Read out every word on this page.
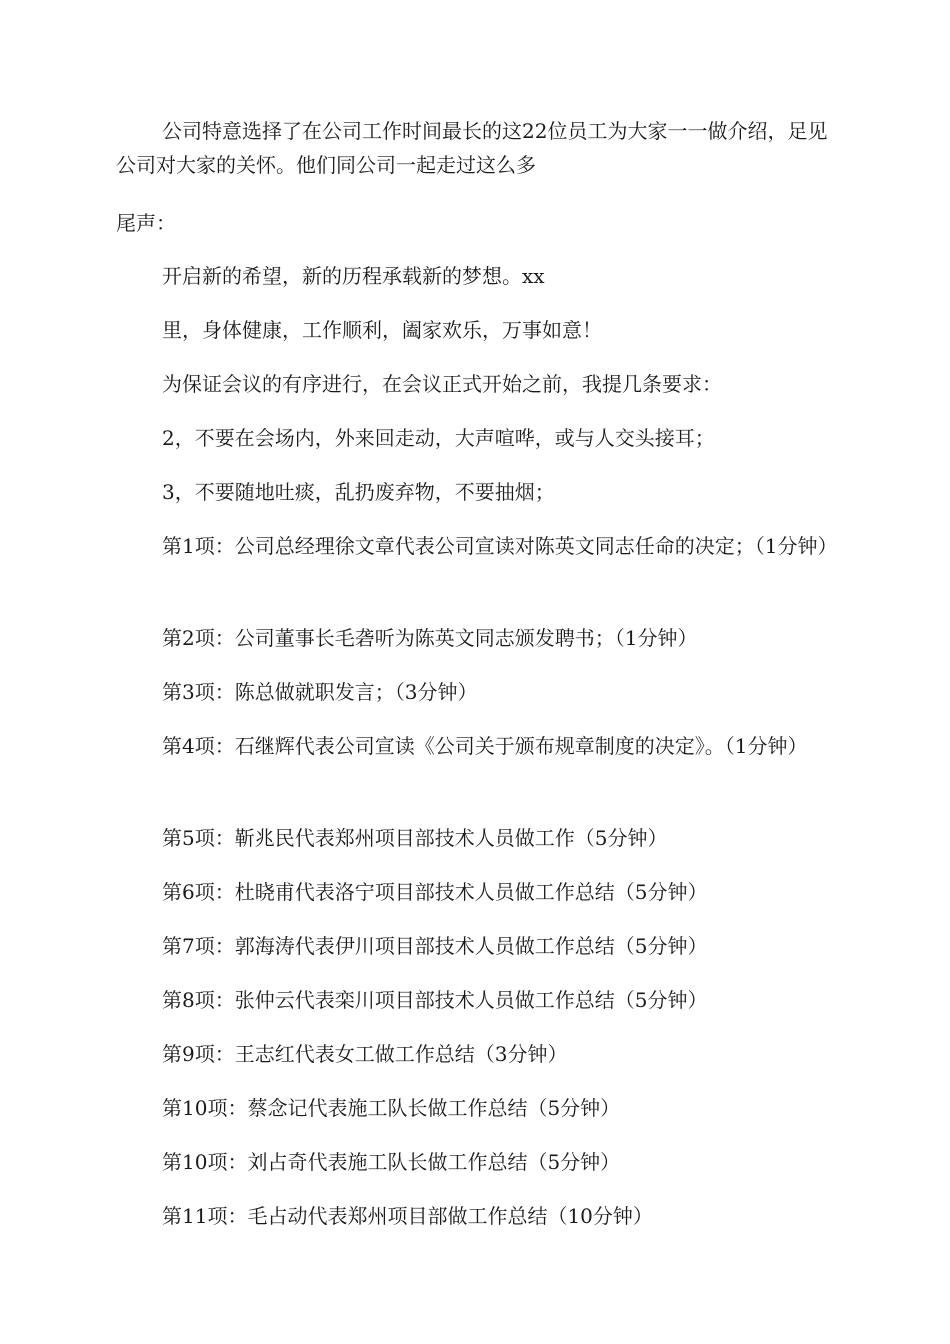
公司特意选择了在公司工作时间最长的这22位员工为大家一一做介绍，足见公司对大家的关怀。他们同公司一起走过这么多

尾声：

开启新的希望，新的历程承载新的梦想。xx

里，身体健康，工作顺利，阖家欢乐，万事如意！

为保证会议的有序进行，在会议正式开始之前，我提几条要求：

2，不要在会场内，外来回走动，大声喧哗，或与人交头接耳；

3，不要随地吐痰，乱扔废弃物，不要抽烟；

第1项：公司总经理徐文章代表公司宣读对陈英文同志任命的决定；（1分钟）

第2项：公司董事长毛砻听为陈英文同志颁发聘书；（1分钟）

第3项：陈总做就职发言；（3分钟）

第4项：石继辉代表公司宣读《公司关于颁布规章制度的决定》。（1分钟）

第5项：靳兆民代表郑州项目部技术人员做工作（5分钟）

第6项：杜晓甫代表洛宁项目部技术人员做工作总结（5分钟）

第7项：郭海涛代表伊川项目部技术人员做工作总结（5分钟）

第8项：张仲云代表栾川项目部技术人员做工作总结（5分钟）

第9项：王志红代表女工做工作总结（3分钟）

第10项：蔡念记代表施工队长做工作总结（5分钟）

第10项：刘占奇代表施工队长做工作总结（5分钟）

第11项：毛占动代表郑州项目部做工作总结（10分钟）
